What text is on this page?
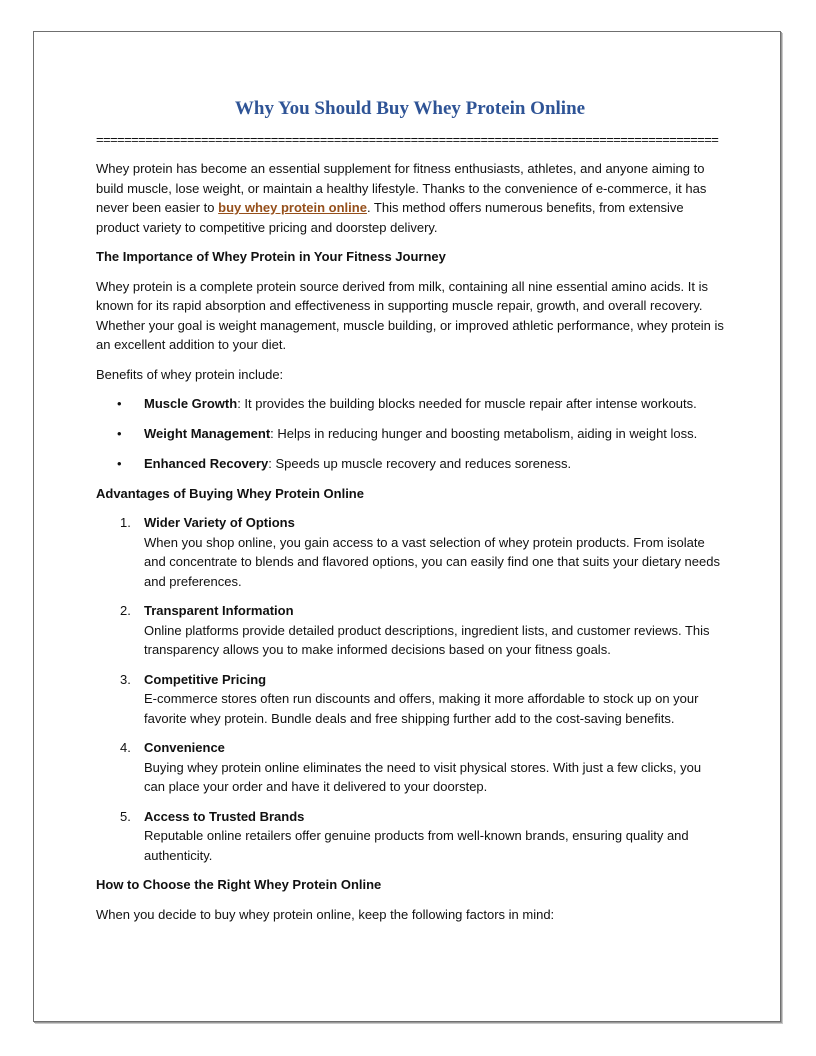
Why You Should Buy Whey Protein Online
=========================================================================================

Whey protein has become an essential supplement for fitness enthusiasts, athletes, and anyone aiming to build muscle, lose weight, or maintain a healthy lifestyle. Thanks to the convenience of e-commerce, it has never been easier to buy whey protein online. This method offers numerous benefits, from extensive product variety to competitive pricing and doorstep delivery.

The Importance of Whey Protein in Your Fitness Journey

Whey protein is a complete protein source derived from milk, containing all nine essential amino acids. It is known for its rapid absorption and effectiveness in supporting muscle repair, growth, and overall recovery. Whether your goal is weight management, muscle building, or improved athletic performance, whey protein is an excellent addition to your diet.

Benefits of whey protein include:

• Muscle Growth: It provides the building blocks needed for muscle repair after intense workouts.
• Weight Management: Helps in reducing hunger and boosting metabolism, aiding in weight loss.
• Enhanced Recovery: Speeds up muscle recovery and reduces soreness.

Advantages of Buying Whey Protein Online

1. Wider Variety of Options
When you shop online, you gain access to a vast selection of whey protein products. From isolate and concentrate to blends and flavored options, you can easily find one that suits your dietary needs and preferences.
2. Transparent Information
Online platforms provide detailed product descriptions, ingredient lists, and customer reviews. This transparency allows you to make informed decisions based on your fitness goals.
3. Competitive Pricing
E-commerce stores often run discounts and offers, making it more affordable to stock up on your favorite whey protein. Bundle deals and free shipping further add to the cost-saving benefits.
4. Convenience
Buying whey protein online eliminates the need to visit physical stores. With just a few clicks, you can place your order and have it delivered to your doorstep.
5. Access to Trusted Brands
Reputable online retailers offer genuine products from well-known brands, ensuring quality and authenticity.

How to Choose the Right Whey Protein Online

When you decide to buy whey protein online, keep the following factors in mind:
